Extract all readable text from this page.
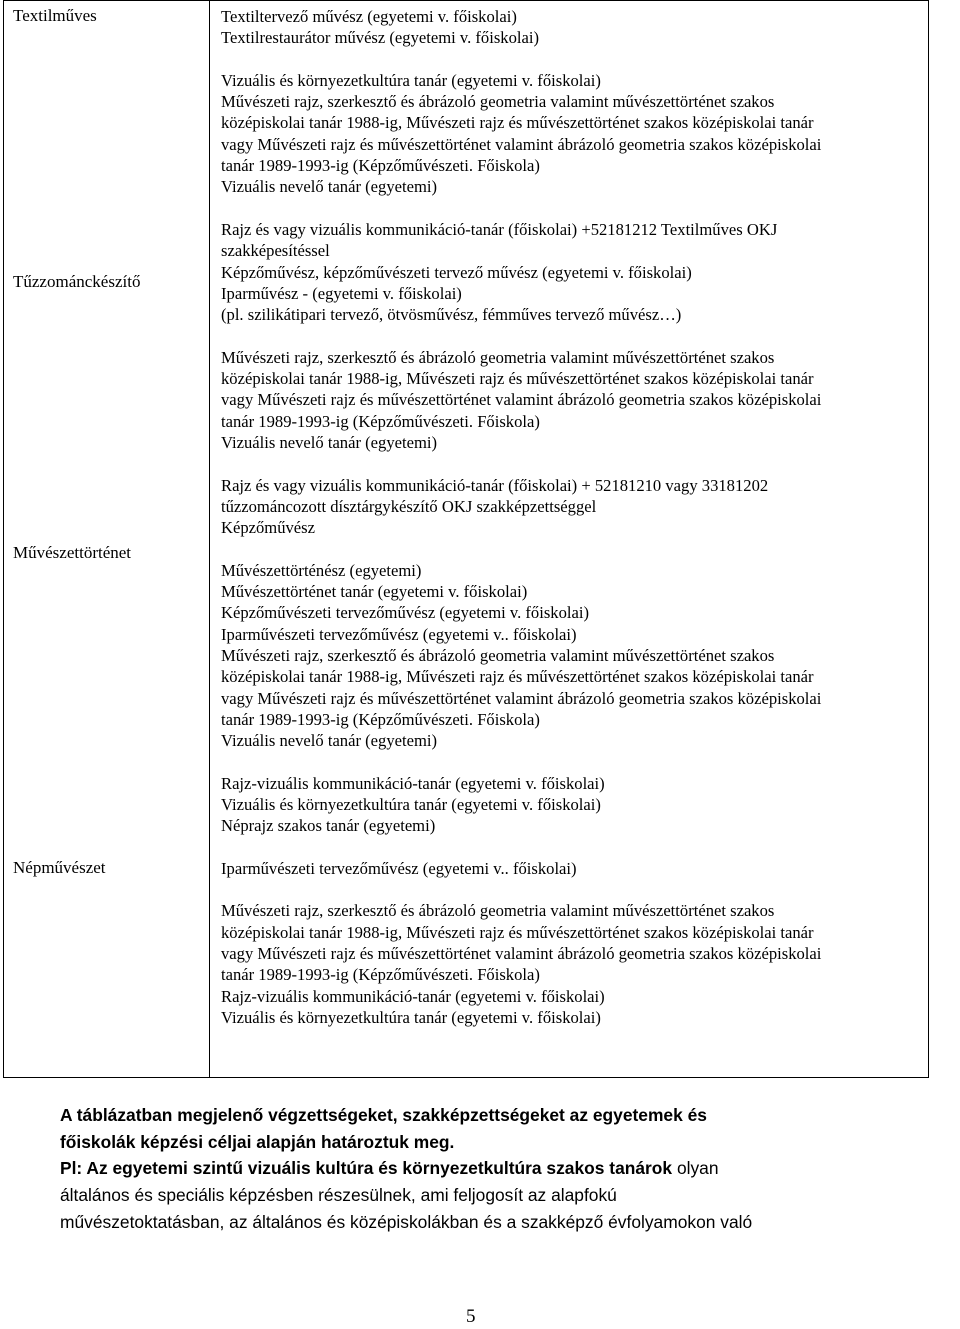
Textilműves
Tűzzománckészítő
Művészettörténet
Népművészet
Textiltervező művész (egyetemi v. főiskolai)
Textilrestaurátor művész (egyetemi v. főiskolai)
Vizuális és környezetkultúra tanár (egyetemi v. főiskolai)
Művészeti rajz, szerkesztő és ábrázoló geometria valamint művészettörténet szakos
középiskolai tanár 1988-ig, Művészeti rajz és művészettörténet szakos középiskolai tanár
vagy Művészeti rajz és művészettörténet valamint ábrázoló geometria szakos középiskolai
tanár 1989-1993-ig (Képzőművészeti. Főiskola)
Vizuális nevelő tanár (egyetemi)
Rajz és vagy vizuális kommunikáció-tanár (főiskolai) +52181212 Textilműves OKJ
szakképesítéssel
Képzőművész, képzőművészeti tervező művész (egyetemi v. főiskolai)
Iparművész - (egyetemi v. főiskolai)
(pl. szilikátipari tervező, ötvösművész, fémműves tervező művész…)
Művészeti rajz, szerkesztő és ábrázoló geometria valamint művészettörténet szakos
középiskolai tanár 1988-ig, Művészeti rajz és művészettörténet szakos középiskolai tanár
vagy Művészeti rajz és művészettörténet valamint ábrázoló geometria szakos középiskolai
tanár 1989-1993-ig (Képzőművészeti. Főiskola)
Vizuális nevelő tanár (egyetemi)
Rajz és vagy vizuális kommunikáció-tanár (főiskolai) + 52181210 vagy 33181202
tűzzománcozott dísztárgykészítő OKJ szakképzettséggel
Képzőművész
Művészettörténész (egyetemi)
Művészettörténet tanár (egyetemi v. főiskolai)
Képzőművészeti tervezőművész (egyetemi v. főiskolai)
Iparművészeti tervezőművész (egyetemi v.. főiskolai)
Művészeti rajz, szerkesztő és ábrázoló geometria valamint művészettörténet szakos
középiskolai tanár 1988-ig, Művészeti rajz és művészettörténet szakos középiskolai tanár
vagy Művészeti rajz és művészettörténet valamint ábrázoló geometria szakos középiskolai
tanár 1989-1993-ig (Képzőművészeti. Főiskola)
Vizuális nevelő tanár (egyetemi)
Rajz-vizuális kommunikáció-tanár (egyetemi v. főiskolai)
Vizuális és környezetkultúra tanár (egyetemi v. főiskolai)
Néprajz szakos tanár (egyetemi)
Iparművészeti tervezőművész (egyetemi v.. főiskolai)
Művészeti rajz, szerkesztő és ábrázoló geometria valamint művészettörténet szakos
középiskolai tanár 1988-ig, Művészeti rajz és művészettörténet szakos középiskolai tanár
vagy Művészeti rajz és művészettörténet valamint ábrázoló geometria szakos középiskolai
tanár 1989-1993-ig (Képzőművészeti. Főiskola)
Rajz-vizuális kommunikáció-tanár (egyetemi v. főiskolai)
Vizuális és környezetkultúra tanár (egyetemi v. főiskolai)
A táblázatban megjelenő végzettségeket, szakképzettségeket az egyetemek és
főiskolák képzési céljai alapján határoztuk meg.
Pl: Az egyetemi szintű vizuális kultúra és környezetkultúra szakos tanárok olyan
általános és speciális képzésben részesülnek, ami feljogosít az alapfokú
művészetoktatásban, az általános és középiskolákban és a szakképző évfolyamokon való
5
